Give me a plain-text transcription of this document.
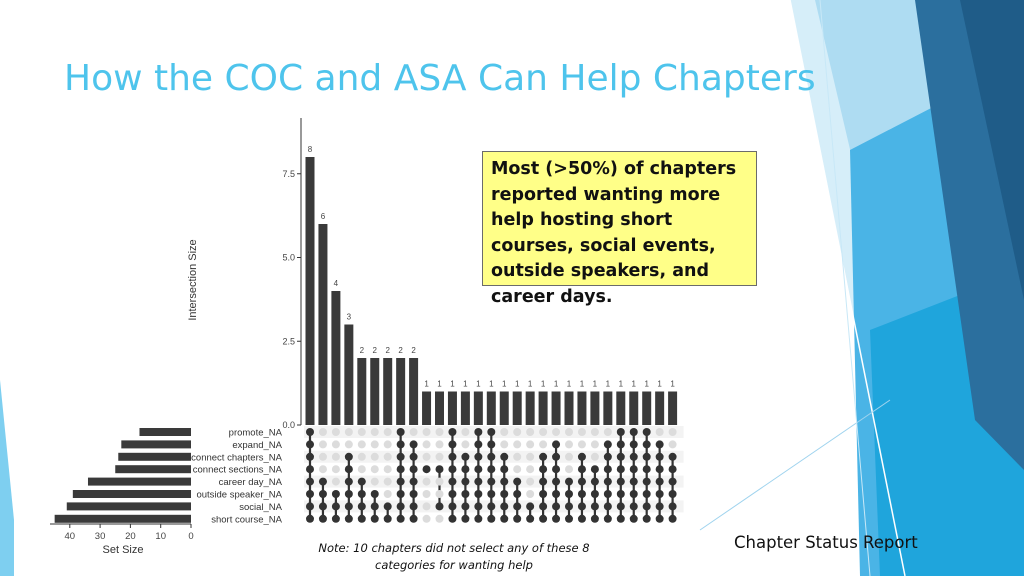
How the COC and ASA Can Help Chapters
0.0
2.5
5.0
7.5
8
6
4
3
2 2 2 2 2
1 1 1 1 1 1 1 1 1 1 1 1 1 1 1 1 1 1 1 1
promote_NA
expand_NA
connect chapters_NA
connect sections_NA
career day_NA
outside speaker_NA
social_NA
short course_NA
40 30 20 10 0
Intersection Size
Set Size
Most (>50%) of chapters reported wanting more help hosting short courses, social events, outside speakers, and career days.
Note: 10 chapters did not select any of these 8
categories for wanting help
Chapter Status Report
